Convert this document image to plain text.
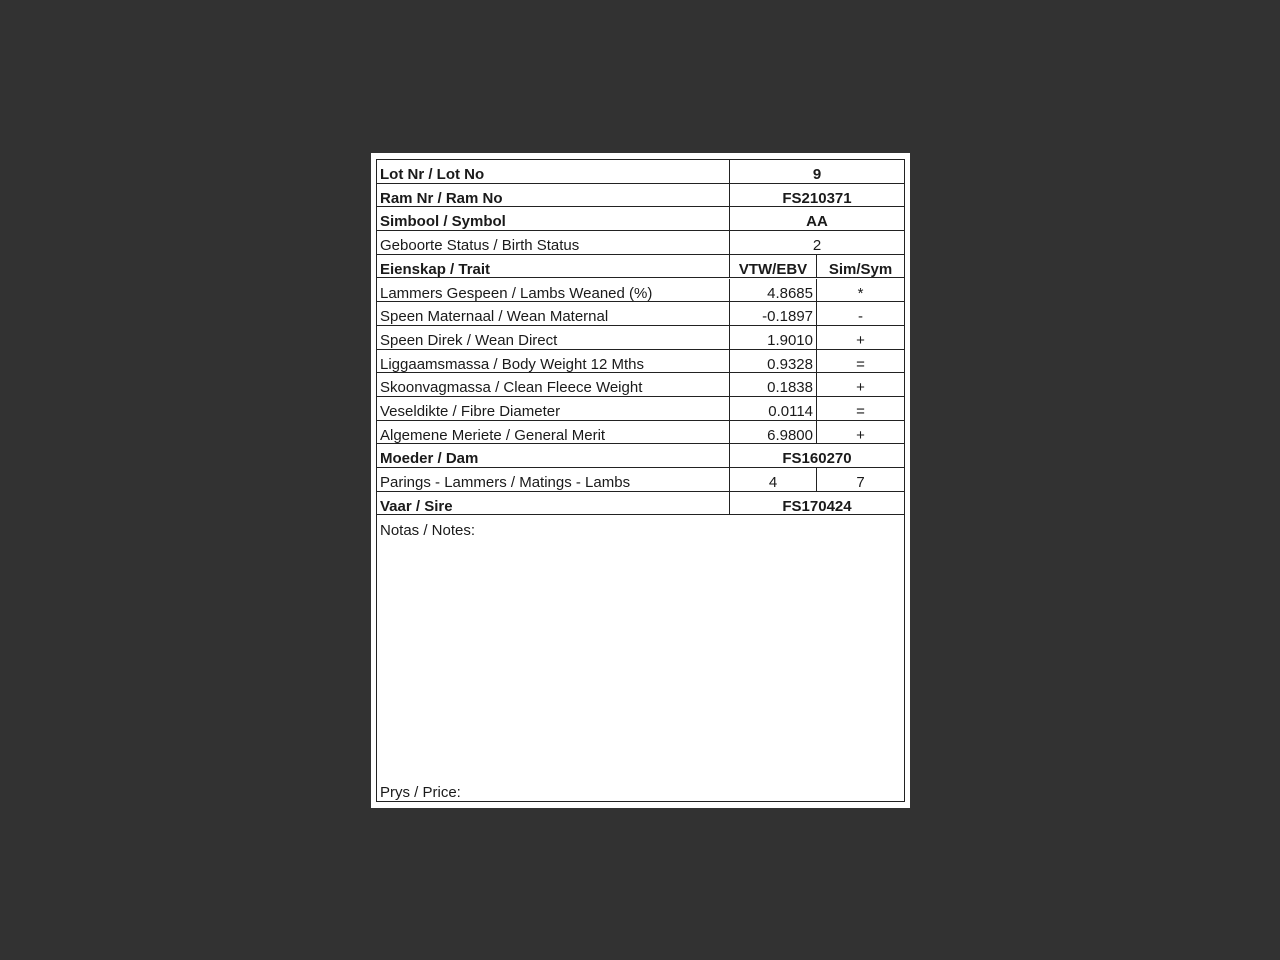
Lot Nr / Lot No	9
Ram Nr / Ram No	FS210371
Simbool / Symbol	AA
Geboorte Status / Birth Status	2
Eienskap / Trait	VTW/EBV	Sim/Sym
Lammers Gespeen / Lambs Weaned (%)	4.8685	*
Speen Maternaal / Wean Maternal	-0.1897	-
Speen Direk / Wean Direct	1.9010	+
Liggaamsmassa / Body Weight 12 Mths	0.9328	=
Skoonvagmassa / Clean Fleece Weight	0.1838	+
Veseldikte / Fibre Diameter	0.0114	=
Algemene Meriete / General Merit	6.9800	+
Moeder / Dam	FS160270
Parings - Lammers / Matings - Lambs	4	7
Vaar / Sire	FS170424
Notas / Notes:
Prys / Price:
